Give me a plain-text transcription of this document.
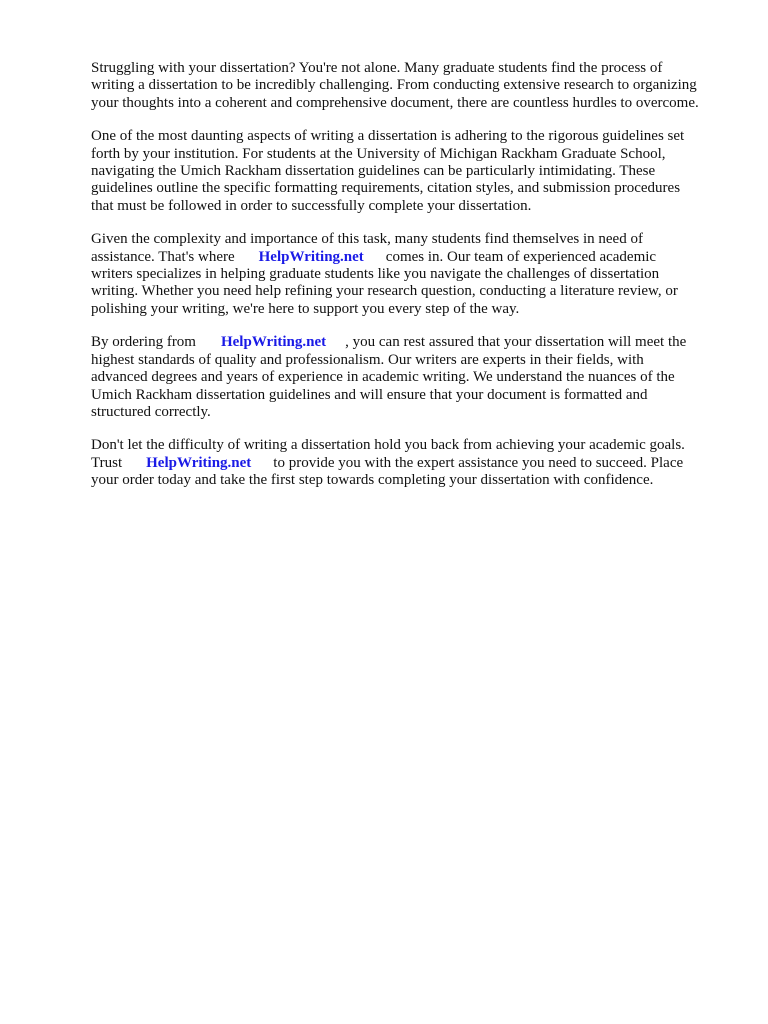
Struggling with your dissertation? You're not alone. Many graduate students find the process of
writing a dissertation to be incredibly challenging. From conducting extensive research to organizing
your thoughts into a coherent and comprehensive document, there are countless hurdles to overcome.
One of the most daunting aspects of writing a dissertation is adhering to the rigorous guidelines set
forth by your institution. For students at the University of Michigan Rackham Graduate School,
navigating the Umich Rackham dissertation guidelines can be particularly intimidating. These
guidelines outline the specific formatting requirements, citation styles, and submission procedures
that must be followed in order to successfully complete your dissertation.
Given the complexity and importance of this task, many students find themselves in need of
assistance. That's where HelpWriting.net comes in. Our team of experienced academic
writers specializes in helping graduate students like you navigate the challenges of dissertation
writing. Whether you need help refining your research question, conducting a literature review, or
polishing your writing, we're here to support you every step of the way.
By ordering from HelpWriting.net , you can rest assured that your dissertation will meet the
highest standards of quality and professionalism. Our writers are experts in their fields, with
advanced degrees and years of experience in academic writing. We understand the nuances of the
Umich Rackham dissertation guidelines and will ensure that your document is formatted and
structured correctly.
Don't let the difficulty of writing a dissertation hold you back from achieving your academic goals.
Trust HelpWriting.net to provide you with the expert assistance you need to succeed. Place
your order today and take the first step towards completing your dissertation with confidence.
